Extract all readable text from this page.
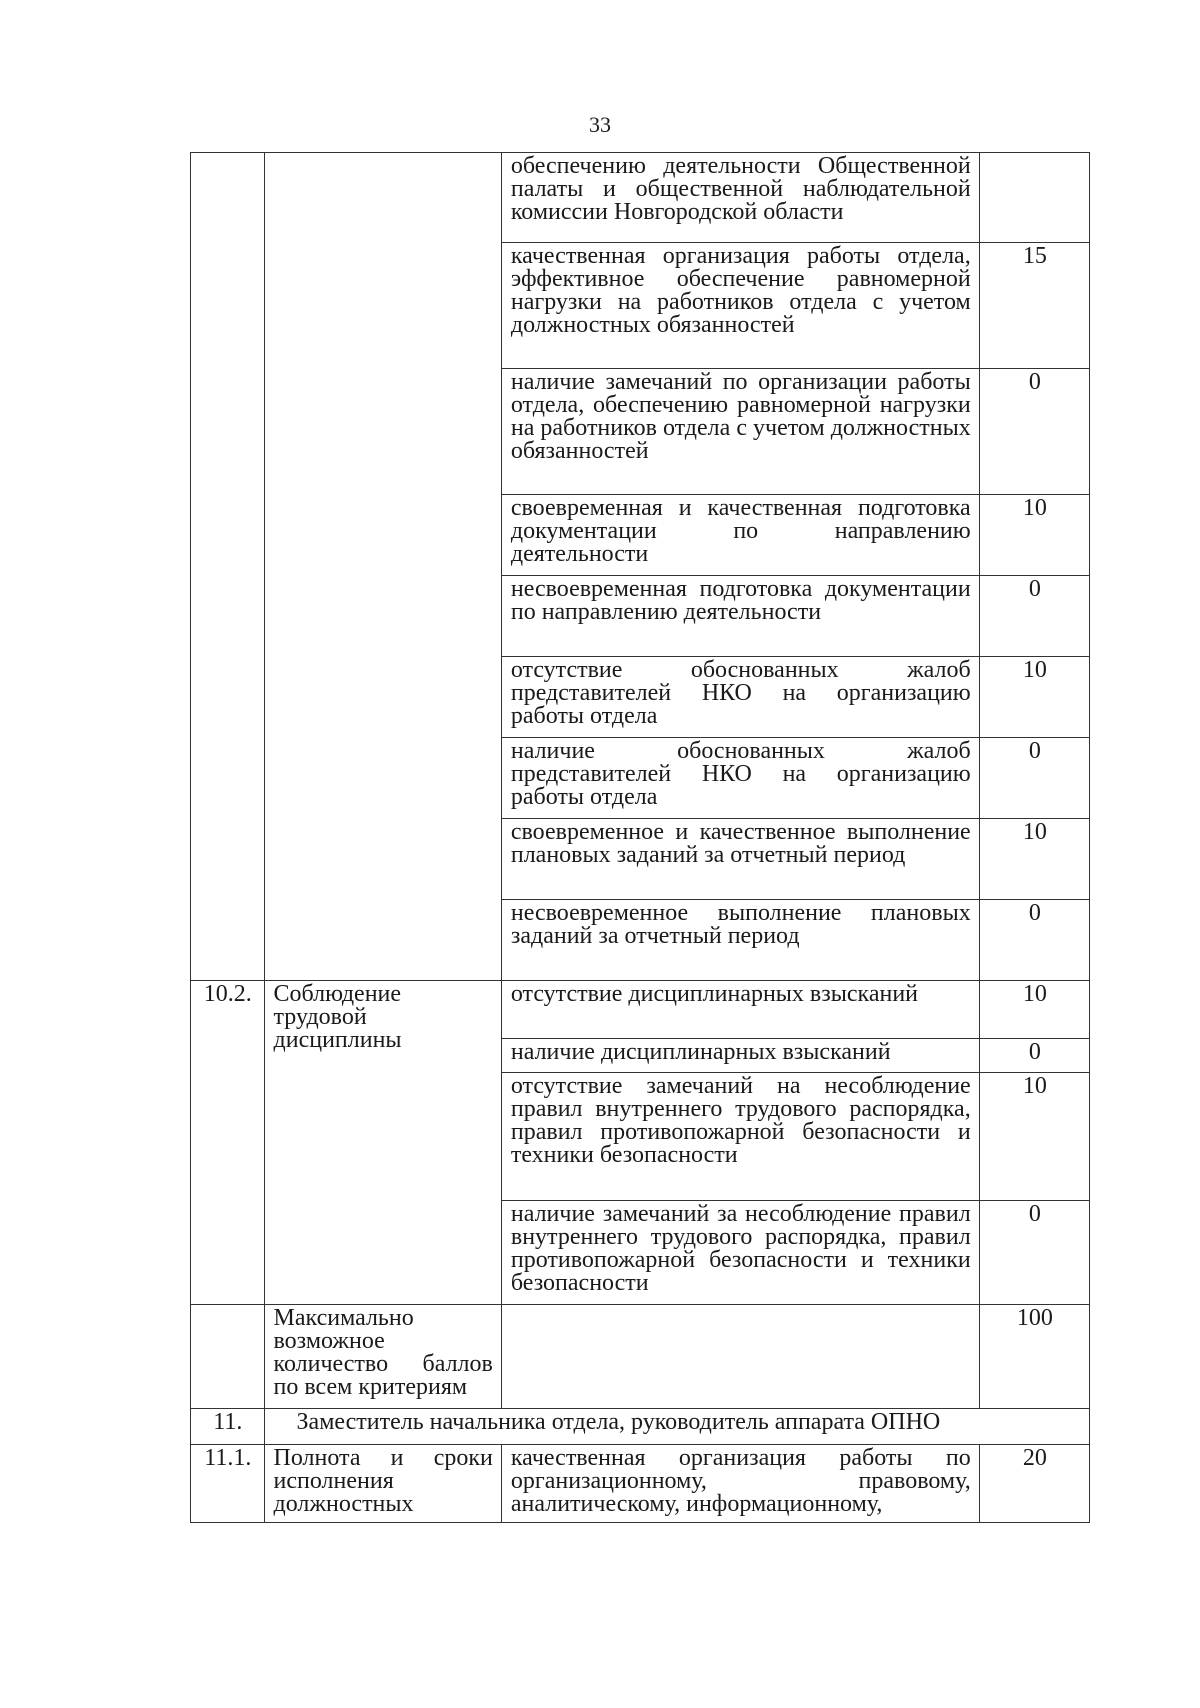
33
		обеспечению деятельности Общественной палаты и общественной наблюдательной комиссии Новгородской области	
		качественная организация работы отдела, эффективное обеспечение равномерной нагрузки на работников отдела с учетом должностных обязанностей	15
		наличие замечаний по организации работы отдела, обеспечению равномерной нагрузки на работников отдела с учетом должностных обязанностей	0
		своевременная и качественная подготовка документации по направлению деятельности	10
		несвоевременная подготовка документации по направлению деятельности	0
		отсутствие обоснованных жалоб представителей НКО на организацию работы отдела	10
		наличие обоснованных жалоб представителей НКО на организацию работы отдела	0
		своевременное и качественное выполнение плановых заданий за отчетный период	10
		несвоевременное выполнение плановых заданий за отчетный период	0
10.2.	Соблюдение трудовой дисциплины	отсутствие дисциплинарных взысканий	10
		наличие дисциплинарных взысканий	0
		отсутствие замечаний на несоблюдение правил внутреннего трудового распорядка, правил противопожарной безопасности и техники безопасности	10
		наличие замечаний за несоблюдение правил внутреннего трудового распорядка, правил противопожарной безопасности и техники безопасности	0
	Максимально возможное количество баллов по всем критериям		100
11.	Заместитель начальника отдела, руководитель аппарата ОПНО		
11.1.	Полнота и сроки исполнения должностных	качественная организация работы по организационному, правовому, аналитическому, информационному,	20
